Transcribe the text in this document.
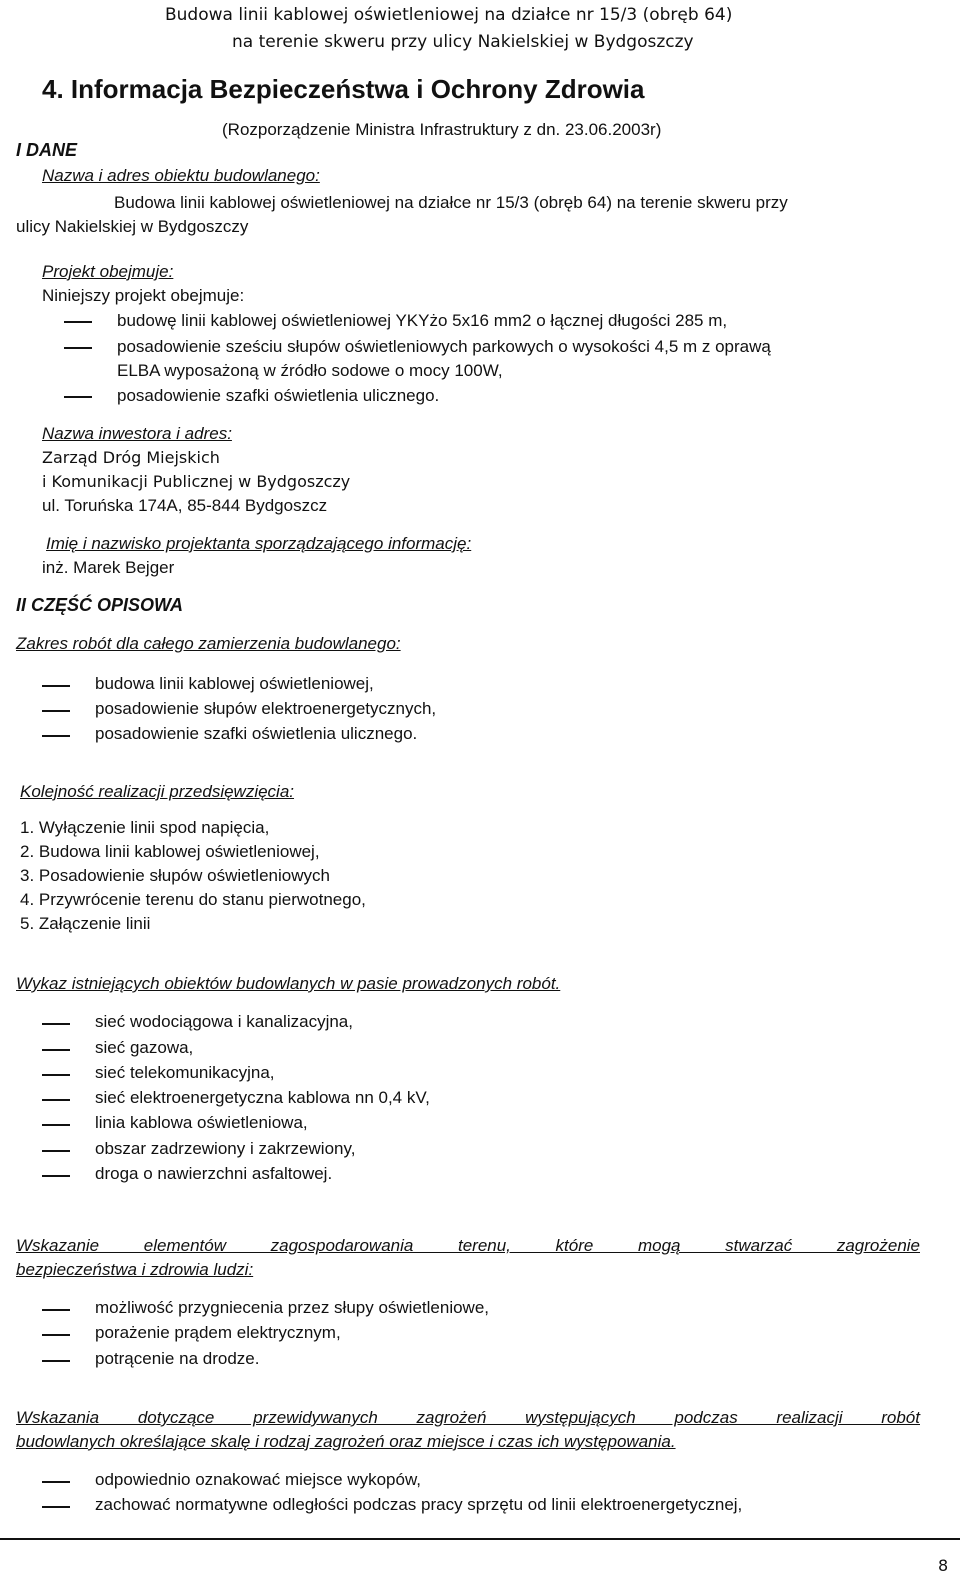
Budowa linii kablowej oświetleniowej na działce nr 15/3 (obręb 64)
na terenie skweru przy ulicy Nakielskiej w Bydgoszczy
4. Informacja Bezpieczeństwa i Ochrony Zdrowia
(Rozporządzenie Ministra Infrastruktury z dn. 23.06.2003r)
I DANE
Nazwa i adres obiektu budowlanego:
Budowa linii kablowej oświetleniowej na działce nr 15/3 (obręb 64) na terenie skweru przy
ulicy Nakielskiej w Bydgoszczy
Projekt obejmuje:
Niniejszy projekt obejmuje:
budowę linii kablowej oświetleniowej YKYżo 5x16 mm2 o łącznej długości 285 m,
posadowienie sześciu słupów oświetleniowych parkowych o wysokości 4,5 m z oprawą
ELBA wyposażoną w źródło sodowe o mocy 100W,
posadowienie szafki oświetlenia ulicznego.
Nazwa inwestora i adres:
Zarząd Dróg Miejskich
i Komunikacji Publicznej w Bydgoszczy
ul. Toruńska 174A, 85-844 Bydgoszcz
Imię i nazwisko projektanta sporządzającego informację:
inż. Marek Bejger
II CZĘŚĆ OPISOWA
Zakres robót dla całego zamierzenia budowlanego:
budowa linii kablowej oświetleniowej,
posadowienie słupów elektroenergetycznych,
posadowienie szafki oświetlenia ulicznego.
Kolejność realizacji przedsięwzięcia:
1. Wyłączenie linii spod napięcia,
2. Budowa linii kablowej oświetleniowej,
3. Posadowienie słupów oświetleniowych
4. Przywrócenie terenu do stanu pierwotnego,
5. Załączenie linii
Wykaz istniejących obiektów budowlanych w pasie prowadzonych robót.
sieć wodociągowa i kanalizacyjna,
sieć gazowa,
sieć telekomunikacyjna,
sieć elektroenergetyczna kablowa nn 0,4 kV,
linia kablowa oświetleniowa,
obszar zadrzewiony i zakrzewiony,
droga o nawierzchni asfaltowej.
Wskazanie elementów zagospodarowania terenu, które mogą stwarzać zagrożenie
bezpieczeństwa i zdrowia ludzi:
możliwość przygniecenia przez słupy oświetleniowe,
porażenie prądem elektrycznym,
potrącenie na drodze.
Wskazania dotyczące przewidywanych zagrożeń występujących podczas realizacji robót
budowlanych określające skalę i rodzaj zagrożeń oraz miejsce i czas ich występowania.
odpowiednio oznakować miejsce wykopów,
zachować normatywne odległości podczas pracy sprzętu od linii elektroenergetycznej,
8
